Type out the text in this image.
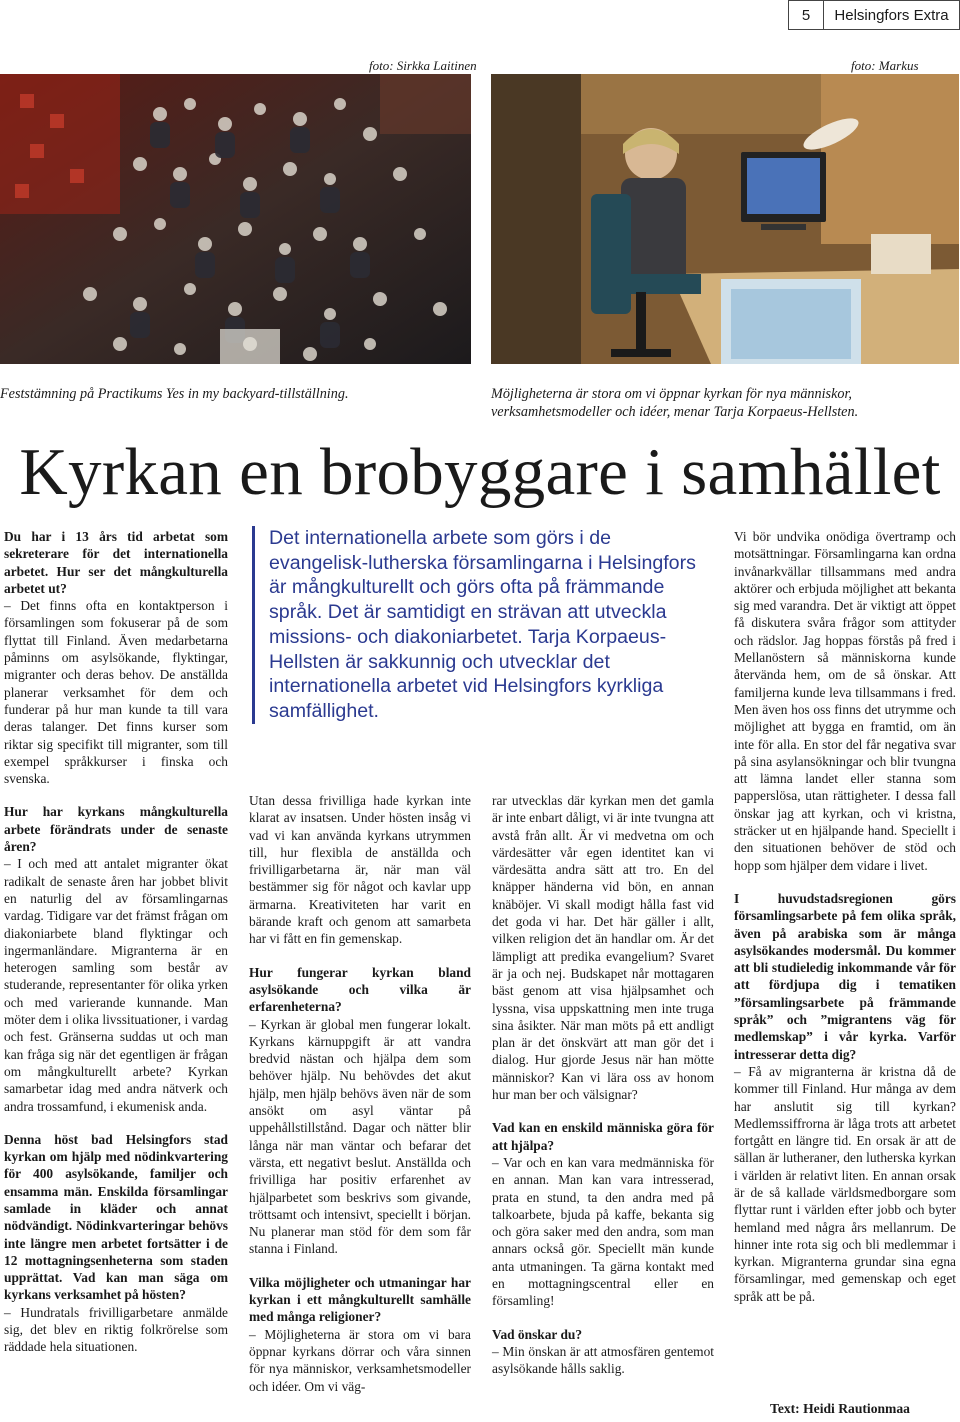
5	Helsingfors Extra
foto: Sirkka Laitinen	foto: Markus
Feststämning på Practikums Yes in my backyard-tillställning.	Möjligheterna är stora om vi öppnar kyrkan för nya människor, verksamhetsmodeller och idéer, menar Tarja Korpaeus-Hellsten.
Kyrkan en brobyggare i samhället

Du har i 13 års tid arbetat som sekreterare för det internationella arbetet. Hur ser det mångkulturella arbetet ut?

– Det finns ofta en kontaktperson i församlingen som fokuserar på de som flyttat till Finland. Även medarbetarna påminns om asylsökande, flyktingar, migranter och deras behov. De anställda planerar verksamhet för dem och funderar på hur man kunde ta till vara deras talanger. Det finns kurser som riktar sig specifikt till migranter, som till exempel språkkurser i finska och svenska.

Hur har kyrkans mångkulturella arbete förändrats under de senaste åren?

– I och med att antalet migranter ökat radikalt de senaste åren har jobbet blivit en naturlig del av församlingarnas vardag. Tidigare var det främst frågan om diakoniarbete bland flyktingar och ingermanländare. Migranterna är en heterogen samling som består av studerande, representanter för olika yrken och med varierande kunnande. Man möter dem i olika livssituationer, i vardag och fest. Gränserna suddas ut och man kan fråga sig när det egentligen är frågan om mångkulturellt arbete? Kyrkan samarbetar idag med andra nätverk och andra trossamfund, i ekumenisk anda.

Denna höst bad Helsingfors stad kyrkan om hjälp med nödinkvartering för 400 asylsökande, familjer och ensamma män. Enskilda församlingar samlade in kläder och annat nödvändigt. Nödinkvarteringar behövs inte längre men arbetet fortsätter i de 12 mottagningsenheterna som staden upprättat. Vad kan man säga om kyrkans verksamhet på hösten?

– Hundratals frivilligarbetare anmälde sig, det blev en riktig folkrörelse som räddade hela situationen.

Det internationella arbete som görs i de evangelisk-lutherska församlingarna i Helsingfors är mångkulturellt och görs ofta på främmande språk. Det är samtidigt en strävan att utveckla missions- och diakoniarbetet. Tarja Korpaeus-Hellsten är sakkunnig och utvecklar det internationella arbetet vid Helsingfors kyrkliga samfällighet.

Utan dessa frivilliga hade kyrkan inte klarat av insatsen. Under hösten insåg vi vad vi kan använda kyrkans utrymmen till, hur flexibla de anställda och frivilligarbetarna är, när man väl bestämmer sig för något och kavlar upp ärmarna. Kreativiteten har varit en bärande kraft och genom att samarbeta har vi fått en fin gemenskap.

Hur fungerar kyrkan bland asylsökande och vilka är erfarenheterna?

– Kyrkan är global men fungerar lokalt. Kyrkans kärnuppgift är att vandra bredvid nästan och hjälpa dem som behöver hjälp. Nu behövdes det akut hjälp, men hjälp behövs även när de som ansökt om asyl väntar på uppehållstillstånd. Dagar och nätter blir långa när man väntar och befarar det värsta, ett negativt beslut. Anställda och frivilliga har positiv erfarenhet av hjälparbetet som beskrivs som givande, tröttsamt och intensivt, speciellt i början. Nu planerar man stöd för dem som får stanna i Finland.

Vilka möjligheter och utmaningar har kyrkan i ett mångkulturellt samhälle med många religioner?

– Möjligheterna är stora om vi bara öppnar kyrkans dörrar och våra sinnen för nya människor, verksamhetsmodeller och idéer. Om vi väg-

rar utvecklas där kyrkan men det gamla är inte enbart dåligt, vi är inte tvungna att avstå från allt. Är vi medvetna om och värdesätter vår egen identitet kan vi värdesätta andra sätt att tro. En del knäpper händerna vid bön, en annan knäböjer. Vi skall modigt hålla fast vid det goda vi har. Det här gäller i allt, vilken religion det än handlar om. Är det lämpligt att predika evangelium? Svaret är ja och nej. Budskapet når mottagaren bäst genom att visa hjälpsamhet och lyssna, visa uppskattning men inte truga sina åsikter. När man möts på ett andligt plan är det önskvärt att man gör det i dialog. Hur gjorde Jesus när han mötte människor? Kan vi lära oss av honom hur man ber och välsignar?

Vad kan en enskild människa göra för att hjälpa?

– Var och en kan vara medmänniska för en annan. Man kan vara intresserad, prata en stund, ta den andra med på talkoarbete, bjuda på kaffe, bekanta sig och göra saker med den andra, som man annars också gör. Speciellt män kunde anta utmaningen. Ta gärna kontakt med en mottagningscentral eller en församling!

Vad önskar du?

– Min önskan är att atmosfären gentemot asylsökande hålls saklig.

Vi bör undvika onödiga övertramp och motsättningar. Församlingarna kan ordna invånarkvällar tillsammans med andra aktörer och erbjuda möjlighet att bekanta sig med varandra. Det är viktigt att öppet få diskutera svåra frågor som attityder och rädslor. Jag hoppas förstås på fred i Mellanöstern så människorna kunde återvända hem, om de så önskar. Att familjerna kunde leva tillsammans i fred. Men även hos oss finns det utrymme och möjlighet att bygga en framtid, om än inte för alla. En stor del får negativa svar på sina asylansökningar och blir tvungna att lämna landet eller stanna som papperslösa, utan rättigheter. I dessa fall önskar jag att kyrkan, och vi kristna, sträcker ut en hjälpande hand. Speciellt i den situationen behöver de stöd och hopp som hjälper dem vidare i livet.

I huvudstadsregionen görs församlingsarbete på fem olika språk, även på arabiska som är många asylsökandes modersmål. Du kommer att bli studieledig inkommande vår för att fördjupa dig i tematiken ”församlingsarbete på främmande språk” och ”migrantens väg för medlemskap” i vår kyrka. Varför intresserar detta dig?

– Få av migranterna är kristna då de kommer till Finland. Hur många av dem har anslutit sig till kyrkan? Medlemssiffrorna är låga trots att arbetet fortgått en längre tid. En orsak är att de sällan är lutheraner, den lutherska kyrkan i världen är relativt liten. En annan orsak är de så kallade världsmedborgare som flyttar runt i världen efter jobb och byter hemland med några års mellanrum. De hinner inte rota sig och bli medlemmar i kyrkan. Migranterna grundar sina egna församlingar, med gemenskap och eget språk att be på.

Text: Heidi Rautionmaa
